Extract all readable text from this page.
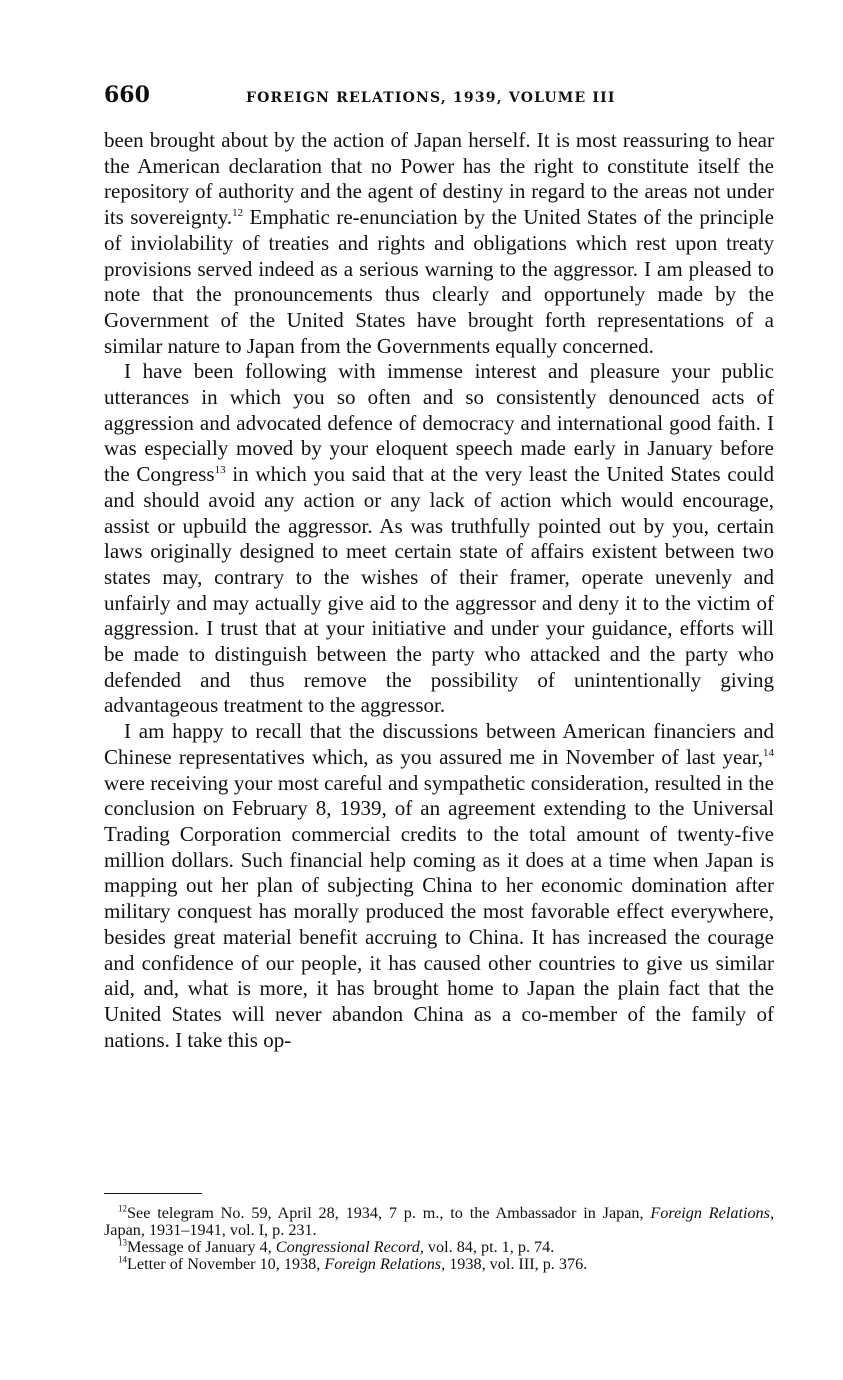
660	FOREIGN RELATIONS, 1939, VOLUME III

been brought about by the action of Japan herself. It is most reassuring to hear the American declaration that no Power has the right to constitute itself the repository of authority and the agent of destiny in regard to the areas not under its sovereignty.$^{12}$ Emphatic re-enunciation by the United States of the principle of inviolability of treaties and rights and obligations which rest upon treaty provisions served indeed as a serious warning to the aggressor. I am pleased to note that the pronouncements thus clearly and opportunely made by the Government of the United States have brought forth representations of a similar nature to Japan from the Governments equally concerned.

I have been following with immense interest and pleasure your public utterances in which you so often and so consistently denounced acts of aggression and advocated defence of democracy and international good faith. I was especially moved by your eloquent speech made early in January before the Congress$^{13}$ in which you said that at the very least the United States could and should avoid any action or any lack of action which would encourage, assist or upbuild the aggressor. As was truthfully pointed out by you, certain laws originally designed to meet certain state of affairs existent between two states may, contrary to the wishes of their framer, operate unevenly and unfairly and may actually give aid to the aggressor and deny it to the victim of aggression. I trust that at your initiative and under your guidance, efforts will be made to distinguish between the party who attacked and the party who defended and thus remove the possibility of unintentionally giving advantageous treatment to the aggressor.

I am happy to recall that the discussions between American financiers and Chinese representatives which, as you assured me in November of last year,$^{14}$ were receiving your most careful and sympathetic consideration, resulted in the conclusion on February 8, 1939, of an agreement extending to the Universal Trading Corporation commercial credits to the total amount of twenty-five million dollars. Such financial help coming as it does at a time when Japan is mapping out her plan of subjecting China to her economic domination after military conquest has morally produced the most favorable effect everywhere, besides great material benefit accruing to China. It has increased the courage and confidence of our people, it has caused other countries to give us similar aid, and, what is more, it has brought home to Japan the plain fact that the United States will never abandon China as a co-member of the family of nations. I take this op-

$^{12}$See telegram No. 59, April 28, 1934, 7 p. m., to the Ambassador in Japan, Foreign Relations, Japan, 1931–1941, vol. I, p. 231.

$^{13}$Message of January 4, Congressional Record, vol. 84, pt. 1, p. 74.

$^{14}$Letter of November 10, 1938, Foreign Relations, 1938, vol. III, p. 376.
